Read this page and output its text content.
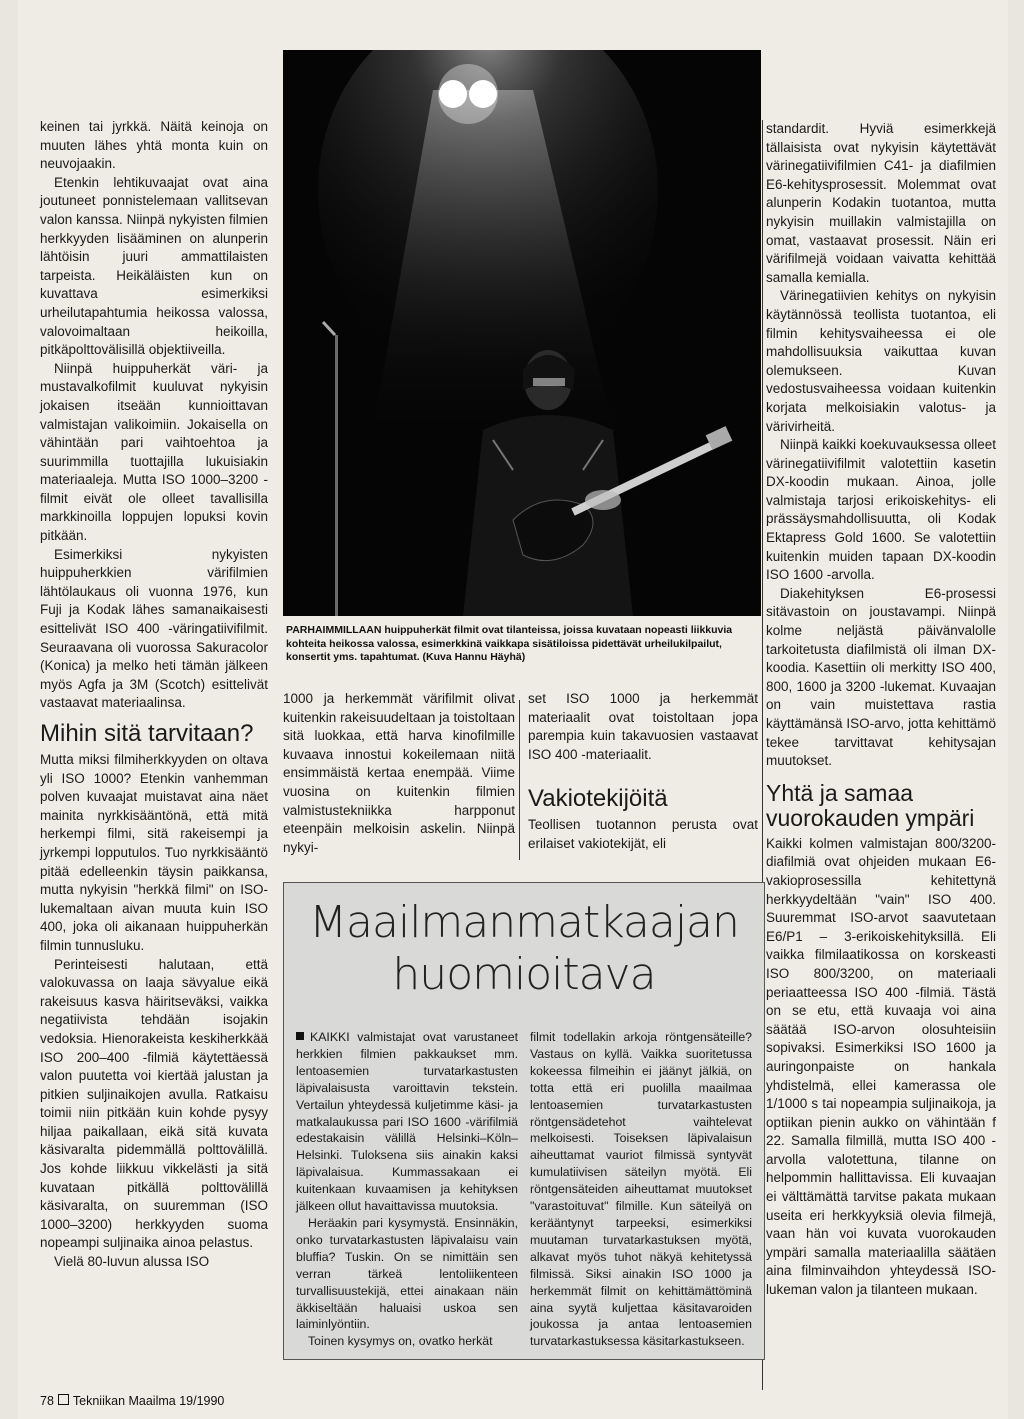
keinen tai jyrkkä. Näitä keinoja on muuten lähes yhtä monta kuin on neuvojaakin.

Etenkin lehtikuvaajat ovat aina joutuneet ponnistelemaan vallitsevan valon kanssa. Niinpä nykyisten filmien herkkyyden lisääminen on alunperin lähtöisin juuri ammattilaisten tarpeista. Heikäläisten kun on kuvattava esimerkiksi urheilutapahtumia heikossa valossa, valovoimaltaan heikoilla, pitkäpolttovälisillä objektiiveilla.

Niinpä huippuherkät väri- ja mustavalkofilmit kuuluvat nykyisin jokaisen itseään kunnioittavan valmistajan valikoimiin. Jokaisella on vähintään pari vaihtoehtoa ja suurimmilla tuottajilla lukuisiakin materiaaleja. Mutta ISO 1000–3200 -filmit eivät ole olleet tavallisilla markkinoilla loppujen lopuksi kovin pitkään.

Esimerkiksi nykyisten huippuherkkien värifilmien lähtölaukaus oli vuonna 1976, kun Fuji ja Kodak lähes samanaikaisesti esittelivät ISO 400 -väringatiivifilmit. Seuraavana oli vuorossa Sakuracolor (Konica) ja melko heti tämän jälkeen myös Agfa ja 3M (Scotch) esittelivät vastaavat materiaalinsa.

Mihin sitä tarvitaan?

Mutta miksi filmiherkkyyden on oltava yli ISO 1000? Etenkin vanhemman polven kuvaajat muistavat aina näet mainita nyrkkisääntönä, että mitä herkempi filmi, sitä rakeisempi ja jyrkempi lopputulos. Tuo nyrkkisääntö pitää edelleenkin täysin paikkansa, mutta nykyisin "herkkä filmi" on ISO-lukemaltaan aivan muuta kuin ISO 400, joka oli aikanaan huippuherkän filmin tunnusluku.

Perinteisesti halutaan, että valokuvassa on laaja sävyalue eikä rakeisuus kasva häiritseväksi, vaikka negatiivista tehdään isojakin vedoksia. Hienorakeista keskiherkkää ISO 200–400 -filmiä käytettäessä valon puutetta voi kiertää jalustan ja pitkien suljinaikojen avulla. Ratkaisu toimii niin pitkään kuin kohde pysyy hiljaa paikallaan, eikä sitä kuvata käsivaralta pidemmällä polttovälillä. Jos kohde liikkuu vikkelästi ja sitä kuvataan pitkällä polttovälillä käsivaralta, on suuremman (ISO 1000–3200) herkkyyden suoma nopeampi suljinaika ainoa pelastus.

Vielä 80-luvun alussa ISO

PARHAIMMILLAAN huippuherkät filmit ovat tilanteissa, joissa kuvataan nopeasti liikkuvia kohteita heikossa valossa, esimerkkinä vaikkapa sisätiloissa pidettävät urheilukilpailut, konsertit yms. tapahtumat. (Kuva Hannu Häyhä)

1000 ja herkemmät värifilmit olivat kuitenkin rakeisuudeltaan ja toistoltaan sitä luokkaa, että harva kinofilmille kuvaava innostui kokeilemaan niitä ensimmäistä kertaa enempää. Viime vuosina on kuitenkin filmien valmistustekniikka harpponut eteenpäin melkoisin askelin. Niinpä nykyi-

set ISO 1000 ja herkemmät materiaalit ovat toistoltaan jopa parempia kuin takavuosien vastaavat ISO 400 -materiaalit.

Vakiotekijöitä

Teollisen tuotannon perusta ovat erilaiset vakiotekijät, eli

standardit. Hyviä esimerkkejä tällaisista ovat nykyisin käytettävät värinegatiivifilmien C41- ja diafilmien E6-kehitysprosessit. Molemmat ovat alunperin Kodakin tuotantoa, mutta nykyisin muillakin valmistajilla on omat, vastaavat prosessit. Näin eri värifilmejä voidaan vaivatta kehittää samalla kemialla.

Värinegatiivien kehitys on nykyisin käytännössä teollista tuotantoa, eli filmin kehitysvaiheessa ei ole mahdollisuuksia vaikuttaa kuvan olemukseen. Kuvan vedostusvaiheessa voidaan kuitenkin korjata melkoisiakin valotus- ja värivirheitä.

Niinpä kaikki koekuvauksessa olleet värinegatiivifilmit valotettiin kasetin DX-koodin mukaan. Ainoa, jolle valmistaja tarjosi erikoiskehitys- eli prässäysmahdollisuutta, oli Kodak Ektapress Gold 1600. Se valotettiin kuitenkin muiden tapaan DX-koodin ISO 1600 -arvolla.

Diakehityksen E6-prosessi sitävastoin on joustavampi. Niinpä kolme neljästä päivänvalolle tarkoitetusta diafilmistä oli ilman DX-koodia. Kasettiin oli merkitty ISO 400, 800, 1600 ja 3200 -lukemat. Kuvaajan on vain muistettava rastia käyttämänsä ISO-arvo, jotta kehittämö tekee tarvittavat kehitysajan muutokset.

Yhtä ja samaa vuorokauden ympäri

Kaikki kolmen valmistajan 800/3200-diafilmiä ovat ohjeiden mukaan E6-vakioprosessilla kehitettynä herkkyydeltään "vain" ISO 400. Suuremmat ISO-arvot saavutetaan E6/P1 – 3-erikoiskehityksillä. Eli vaikka filmilaatikossa on korskeasti ISO 800/3200, on materiaali periaatteessa ISO 400 -filmiä. Tästä on se etu, että kuvaaja voi aina säätää ISO-arvon olosuhteisiin sopivaksi. Esimerkiksi ISO 1600 ja auringonpaiste on hankala yhdistelmä, ellei kamerassa ole 1/1000 s tai nopeampia suljinaikoja, ja optiikan pienin aukko on vähintään f 22. Samalla filmillä, mutta ISO 400 -arvolla valotettuna, tilanne on helpommin hallittavissa. Eli kuvaajan ei välttämättä tarvitse pakata mukaan useita eri herkkyyksiä olevia filmejä, vaan hän voi kuvata vuorokauden ympäri samalla materiaalilla säätäen aina filminvaihdon yhteydessä ISO-lukeman valon ja tilanteen mukaan.

Maailmanmatkaajan
huomioitava

KAIKKI valmistajat ovat varustaneet herkkien filmien pakkaukset mm. lentoasemien turvatarkastusten läpivalaisusta varoittavin tekstein. Vertailun yhteydessä kuljetimme käsi- ja matkalaukussa pari ISO 1600 -värifilmiä edestakaisin välillä Helsinki–Köln–Helsinki. Tuloksena siis ainakin kaksi läpivalaisua. Kummassakaan ei kuitenkaan kuvaamisen ja kehityksen jälkeen ollut havaittavissa muutoksia.

Heräakin pari kysymystä. Ensinnäkin, onko turvatarkastusten läpivalaisu vain bluffia? Tuskin. On se nimittäin sen verran tärkeä lentoliikenteen turvallisuustekijä, ettei ainakaan näin äkkiseltään haluaisi uskoa sen laiminlyöntiin.

Toinen kysymys on, ovatko herkät

filmit todellakin arkoja röntgensäteille? Vastaus on kyllä. Vaikka suoritetussa kokeessa filmeihin ei jäänyt jälkiä, on totta että eri puolilla maailmaa lentoasemien turvatarkastusten röntgensädetehot vaihtelevat melkoisesti. Toiseksen läpivalaisun aiheuttamat vauriot filmissä syntyvät kumulatiivisen säteilyn myötä. Eli röntgensäteiden aiheuttamat muutokset "varastoituvat" filmille. Kun säteilyä on kerääntynyt tarpeeksi, esimerkiksi muutaman turvatarkastuksen myötä, alkavat myös tuhot näkyä kehitetyssä filmissä. Siksi ainakin ISO 1000 ja herkemmät filmit on kehittämättöminä aina syytä kuljettaa käsitavaroiden joukossa ja antaa lentoasemien turvatarkastuksessa käsitarkastukseen.

78 Tekniikan Maailma 19/1990
